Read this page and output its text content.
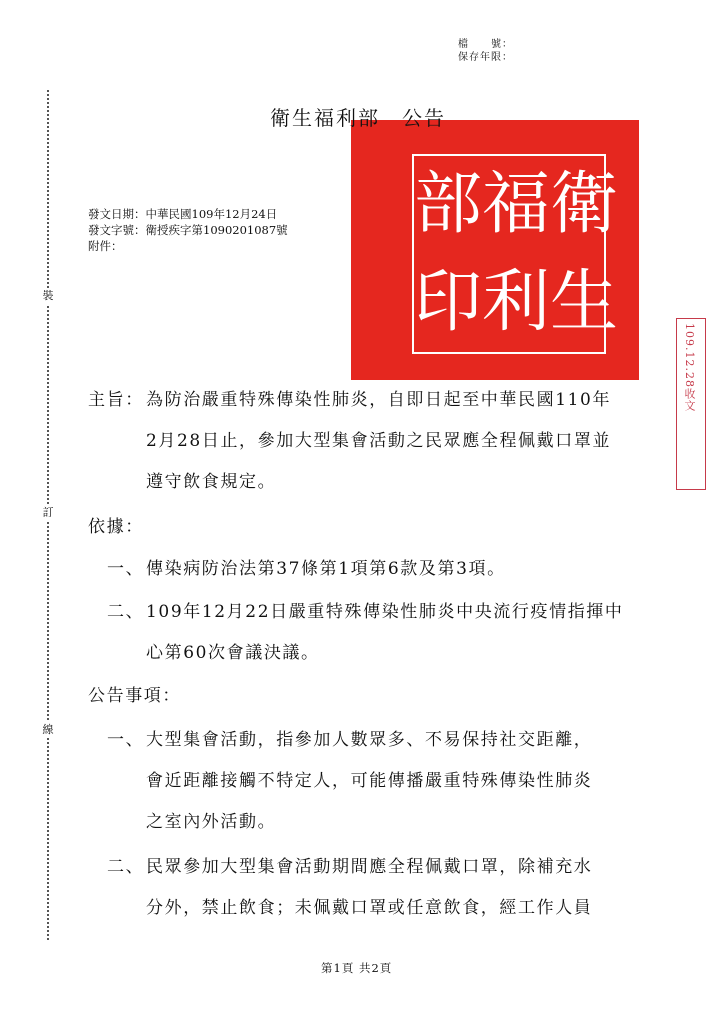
檔　　號：
保存年限：
裝
訂
線
衛
福
部
生
利
印
衛生福利部 公告
發文日期：中華民國109年12月24日
發文字號：衛授疾字第1090201087號
附件：
109.12.28收文
主旨： 為防治嚴重特殊傳染性肺炎，自即日起至中華民國110年
2月28日止，參加大型集會活動之民眾應全程佩戴口罩並
遵守飲食規定。
依據：
一、 傳染病防治法第37條第1項第6款及第3項。
二、 109年12月22日嚴重特殊傳染性肺炎中央流行疫情指揮中
心第60次會議決議。
公告事項：
一、 大型集會活動，指參加人數眾多、不易保持社交距離，
會近距離接觸不特定人，可能傳播嚴重特殊傳染性肺炎
之室內外活動。
二、 民眾參加大型集會活動期間應全程佩戴口罩，除補充水
分外，禁止飲食；未佩戴口罩或任意飲食，經工作人員
第1頁 共2頁
